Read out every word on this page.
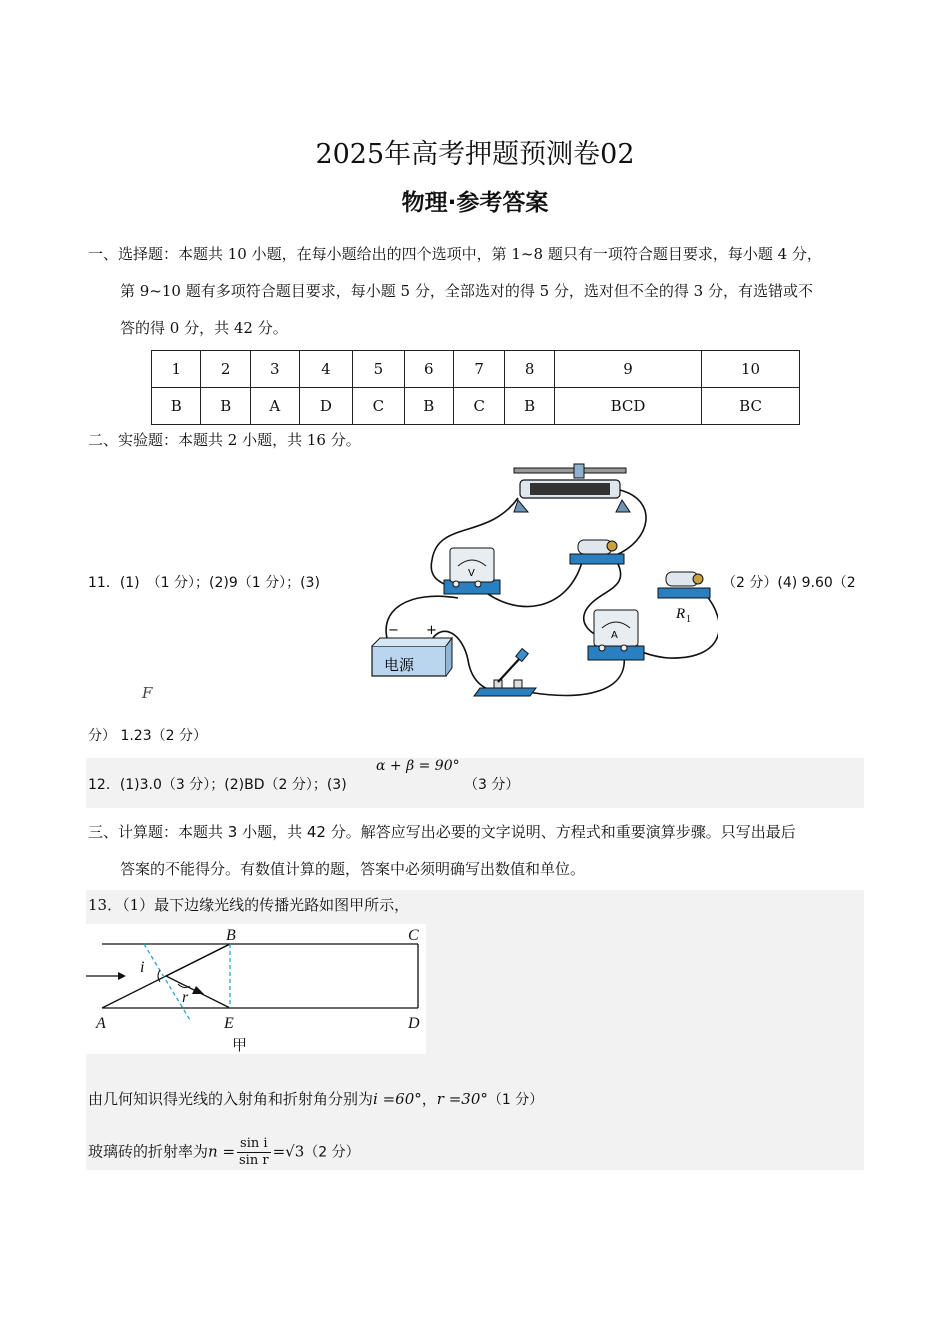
2025年高考押题预测卷02
物理·参考答案
一、选择题：本题共 10 小题，在每小题给出的四个选项中，第 1~8 题只有一项符合题目要求，每小题 4 分，
第 9~10 题有多项符合题目要求，每小题 5 分，全部选对的得 5 分，选对但不全的得 3 分，有选错或不
答的得 0 分，共 42 分。
1	2	3	4	5	6	7	8	9	10
B	B	A	D	C	B	C	B	BCD	BC
二、实验题：本题共 2 小题，共 16 分。
R 1
V
A
电源
− +
11．(1)　（1 分）；(2)9（1 分）；(3)	（2 分）(4) 9.60（2
F
分） 1.23（2 分）
12．(1)3.0（3 分）；(2)BD（2 分）；(3)
α + β = 90°
（3 分）
三、计算题：本题共 3 小题，共 42 分。解答应写出必要的文字说明、方程式和重要演算步骤。只写出最后
答案的不能得分。有数值计算的题，答案中必须明确写出数值和单位。
13．（1）最下边缘光线的传播光路如图甲所示，
B	C
A	E	D
i
r
甲
由几何知识得光线的入射角和折射角分别为i =60°，r =30°（1 分）
玻璃砖的折射率为$n = \frac{\text{sin i}}{\text{sin r}} =√3(2$ 分）
